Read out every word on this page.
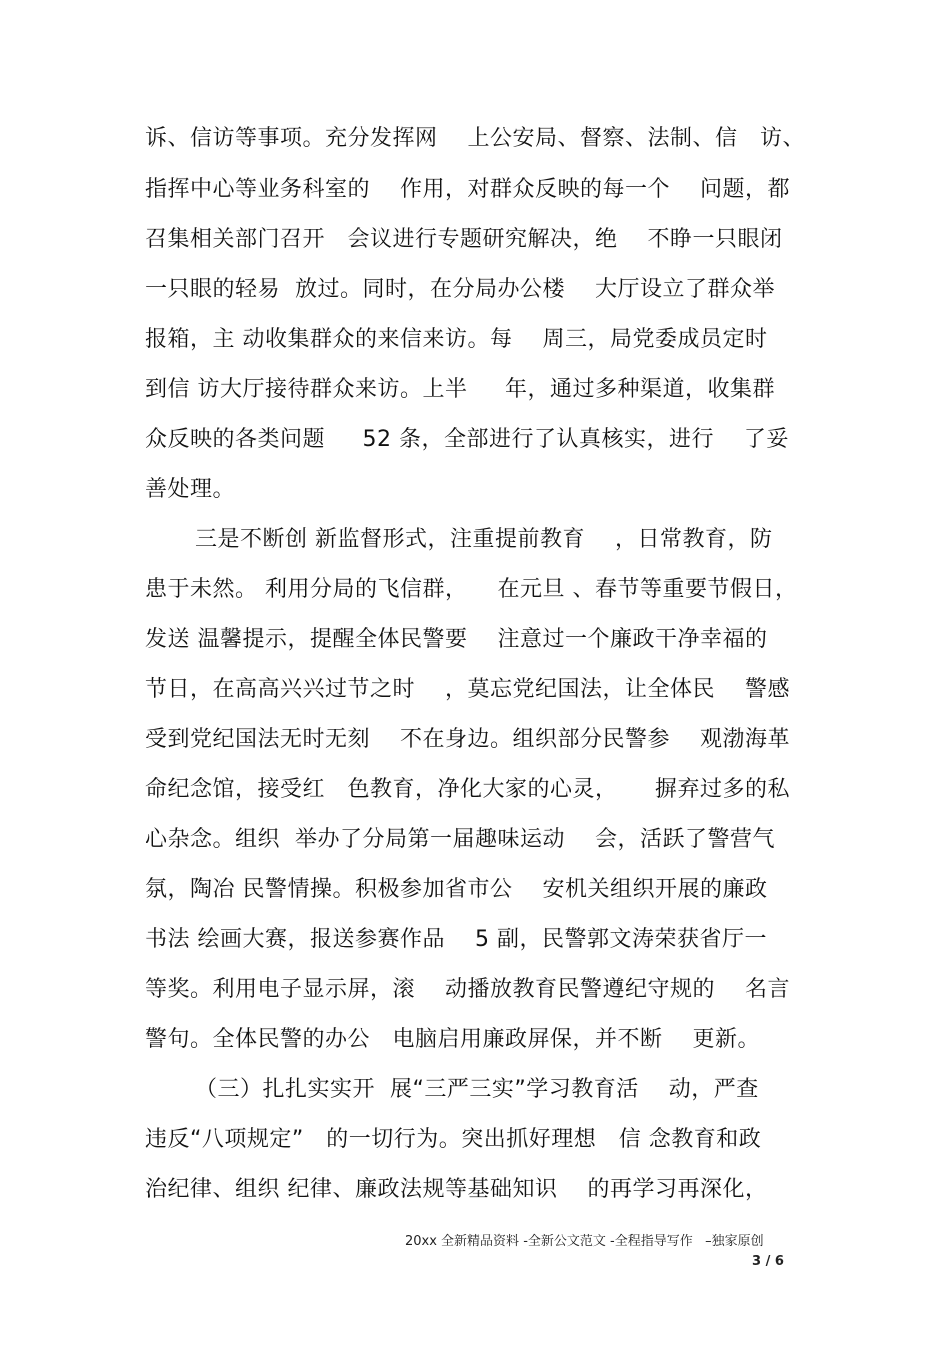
诉、信访等事项。充分发挥网    上公安局、督察、法制、信   访、
指挥中心等业务科室的    作用，对群众反映的每一个    问题，都
召集相关部门召开   会议进行专题研究解决，绝    不睁一只眼闭
一只眼的轻易  放过。同时，在分局办公楼    大厅设立了群众举
报箱，主 动收集群众的来信来访。每    周三，局党委成员定时
到信 访大厅接待群众来访。上半     年，通过多种渠道，收集群
众反映的各类问题     52 条，全部进行了认真核实，进行    了妥
善处理。
三是不断创 新监督形式，注重提前教育    ，日常教育，防
患于未然。 利用分局的飞信群，    在元旦 、春节等重要节假日，
发送 温馨提示，提醒全体民警要    注意过一个廉政干净幸福的
节日，在高高兴兴过节之时    ，莫忘党纪国法，让全体民    警感
受到党纪国法无时无刻    不在身边。组织部分民警参    观渤海革
命纪念馆，接受红   色教育，净化大家的心灵，     摒弃过多的私
心杂念。组织  举办了分局第一届趣味运动    会，活跃了警营气
氛，陶冶 民警情操。积极参加省市公    安机关组织开展的廉政
书法 绘画大赛，报送参赛作品    5 副，民警郭文涛荣获省厅一
等奖。利用电子显示屏，滚    动播放教育民警遵纪守规的    名言
警句。全体民警的办公   电脑启用廉政屏保，并不断    更新。
（三）扎扎实实开  展“三严三实”学习教育活    动，严查
违反“八项规定”   的一切行为。突出抓好理想   信 念教育和政
治纪律、组织 纪律、廉政法规等基础知识    的再学习再深化，
20xx 全新精品资料 -全新公文范文 -全程指导写作   –独家原创
3 / 6
